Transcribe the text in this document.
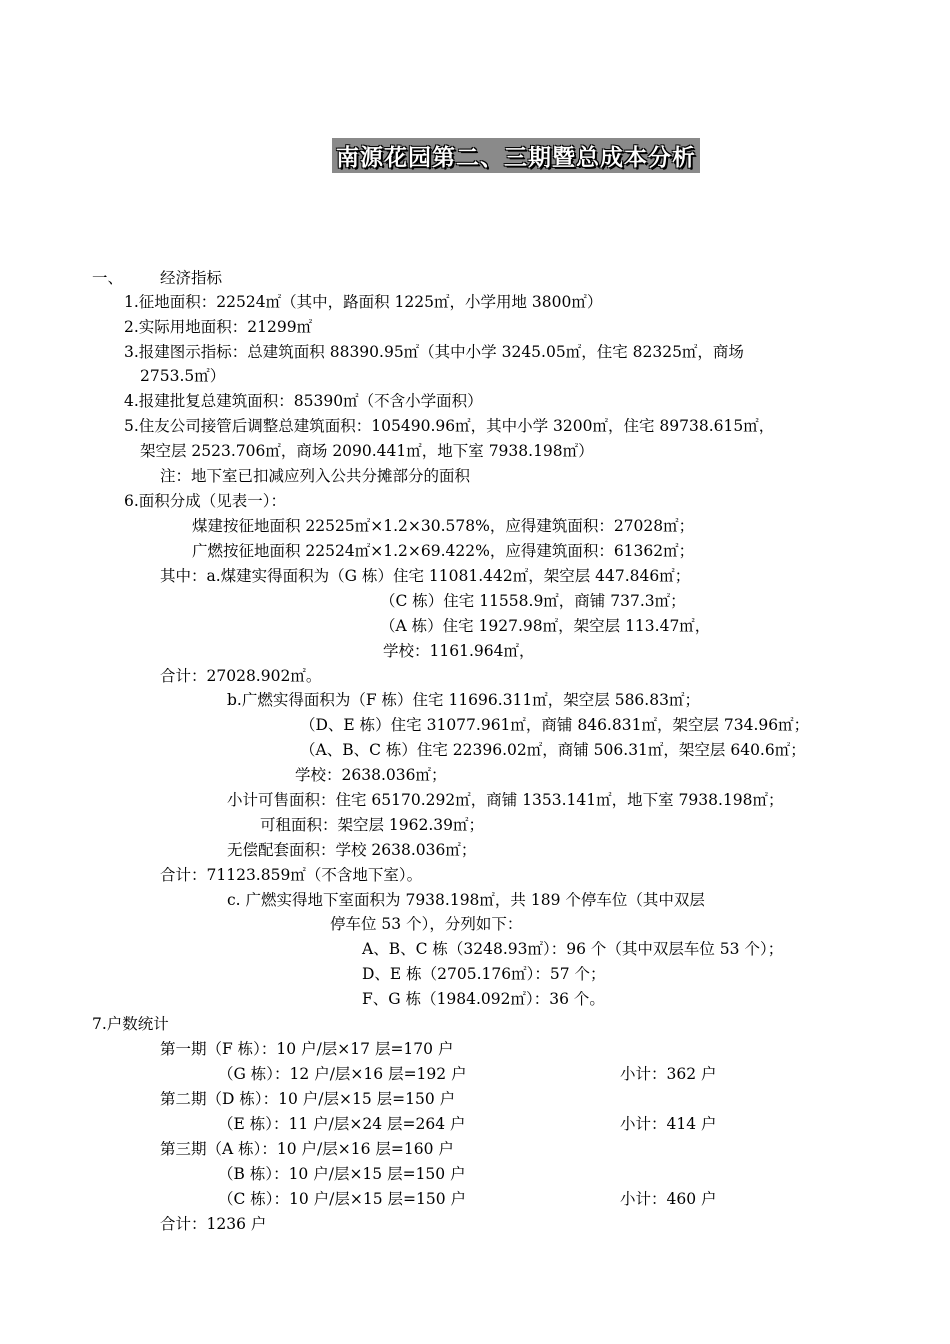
南源花园第二、三期暨总成本分析
一、 经济指标
1.征地面积：22524㎡（其中，路面积 1225㎡，小学用地 3800㎡）
2.实际用地面积：21299㎡
3.报建图示指标：总建筑面积 88390.95㎡（其中小学 3245.05㎡，住宅 82325㎡，商场
2753.5㎡）
4.报建批复总建筑面积：85390㎡（不含小学面积）
5.住友公司接管后调整总建筑面积：105490.96㎡，其中小学 3200㎡，住宅 89738.615㎡，
架空层 2523.706㎡，商场 2090.441㎡，地下室 7938.198㎡）
注：地下室已扣减应列入公共分摊部分的面积
6.面积分成（见表一）：
煤建按征地面积 22525㎡×1.2×30.578%，应得建筑面积：27028㎡；
广燃按征地面积 22524㎡×1.2×69.422%，应得建筑面积：61362㎡；
其中：a.煤建实得面积为（G 栋）住宅 11081.442㎡，架空层 447.846㎡；
（C 栋）住宅 11558.9㎡，商铺 737.3㎡；
（A 栋）住宅 1927.98㎡，架空层 113.47㎡，
学校：1161.964㎡，
合计：27028.902㎡。
b.广燃实得面积为（F 栋）住宅 11696.311㎡，架空层 586.83㎡；
（D、E 栋）住宅 31077.961㎡，商铺 846.831㎡，架空层 734.96㎡；
（A、B、C 栋）住宅 22396.02㎡，商铺 506.31㎡，架空层 640.6㎡；
学校：2638.036㎡；
小计可售面积：住宅 65170.292㎡，商铺 1353.141㎡，地下室 7938.198㎡；
可租面积：架空层 1962.39㎡；
无偿配套面积：学校 2638.036㎡；
合计：71123.859㎡（不含地下室）。
c. 广燃实得地下室面积为 7938.198㎡，共 189 个停车位（其中双层
停车位 53 个），分列如下：
A、B、C 栋（3248.93㎡）：96 个（其中双层车位 53 个）；
D、E 栋（2705.176㎡）：57 个；
F、G 栋（1984.092㎡）：36 个。
7.户数统计
第一期（F 栋）：10 户/层×17 层=170 户
（G 栋）：12 户/层×16 层=192 户	小计：362 户
第二期（D 栋）：10 户/层×15 层=150 户
（E 栋）：11 户/层×24 层=264 户	小计：414 户
第三期（A 栋）：10 户/层×16 层=160 户
（B 栋）：10 户/层×15 层=150 户
（C 栋）：10 户/层×15 层=150 户	小计：460 户
合计：1236 户
